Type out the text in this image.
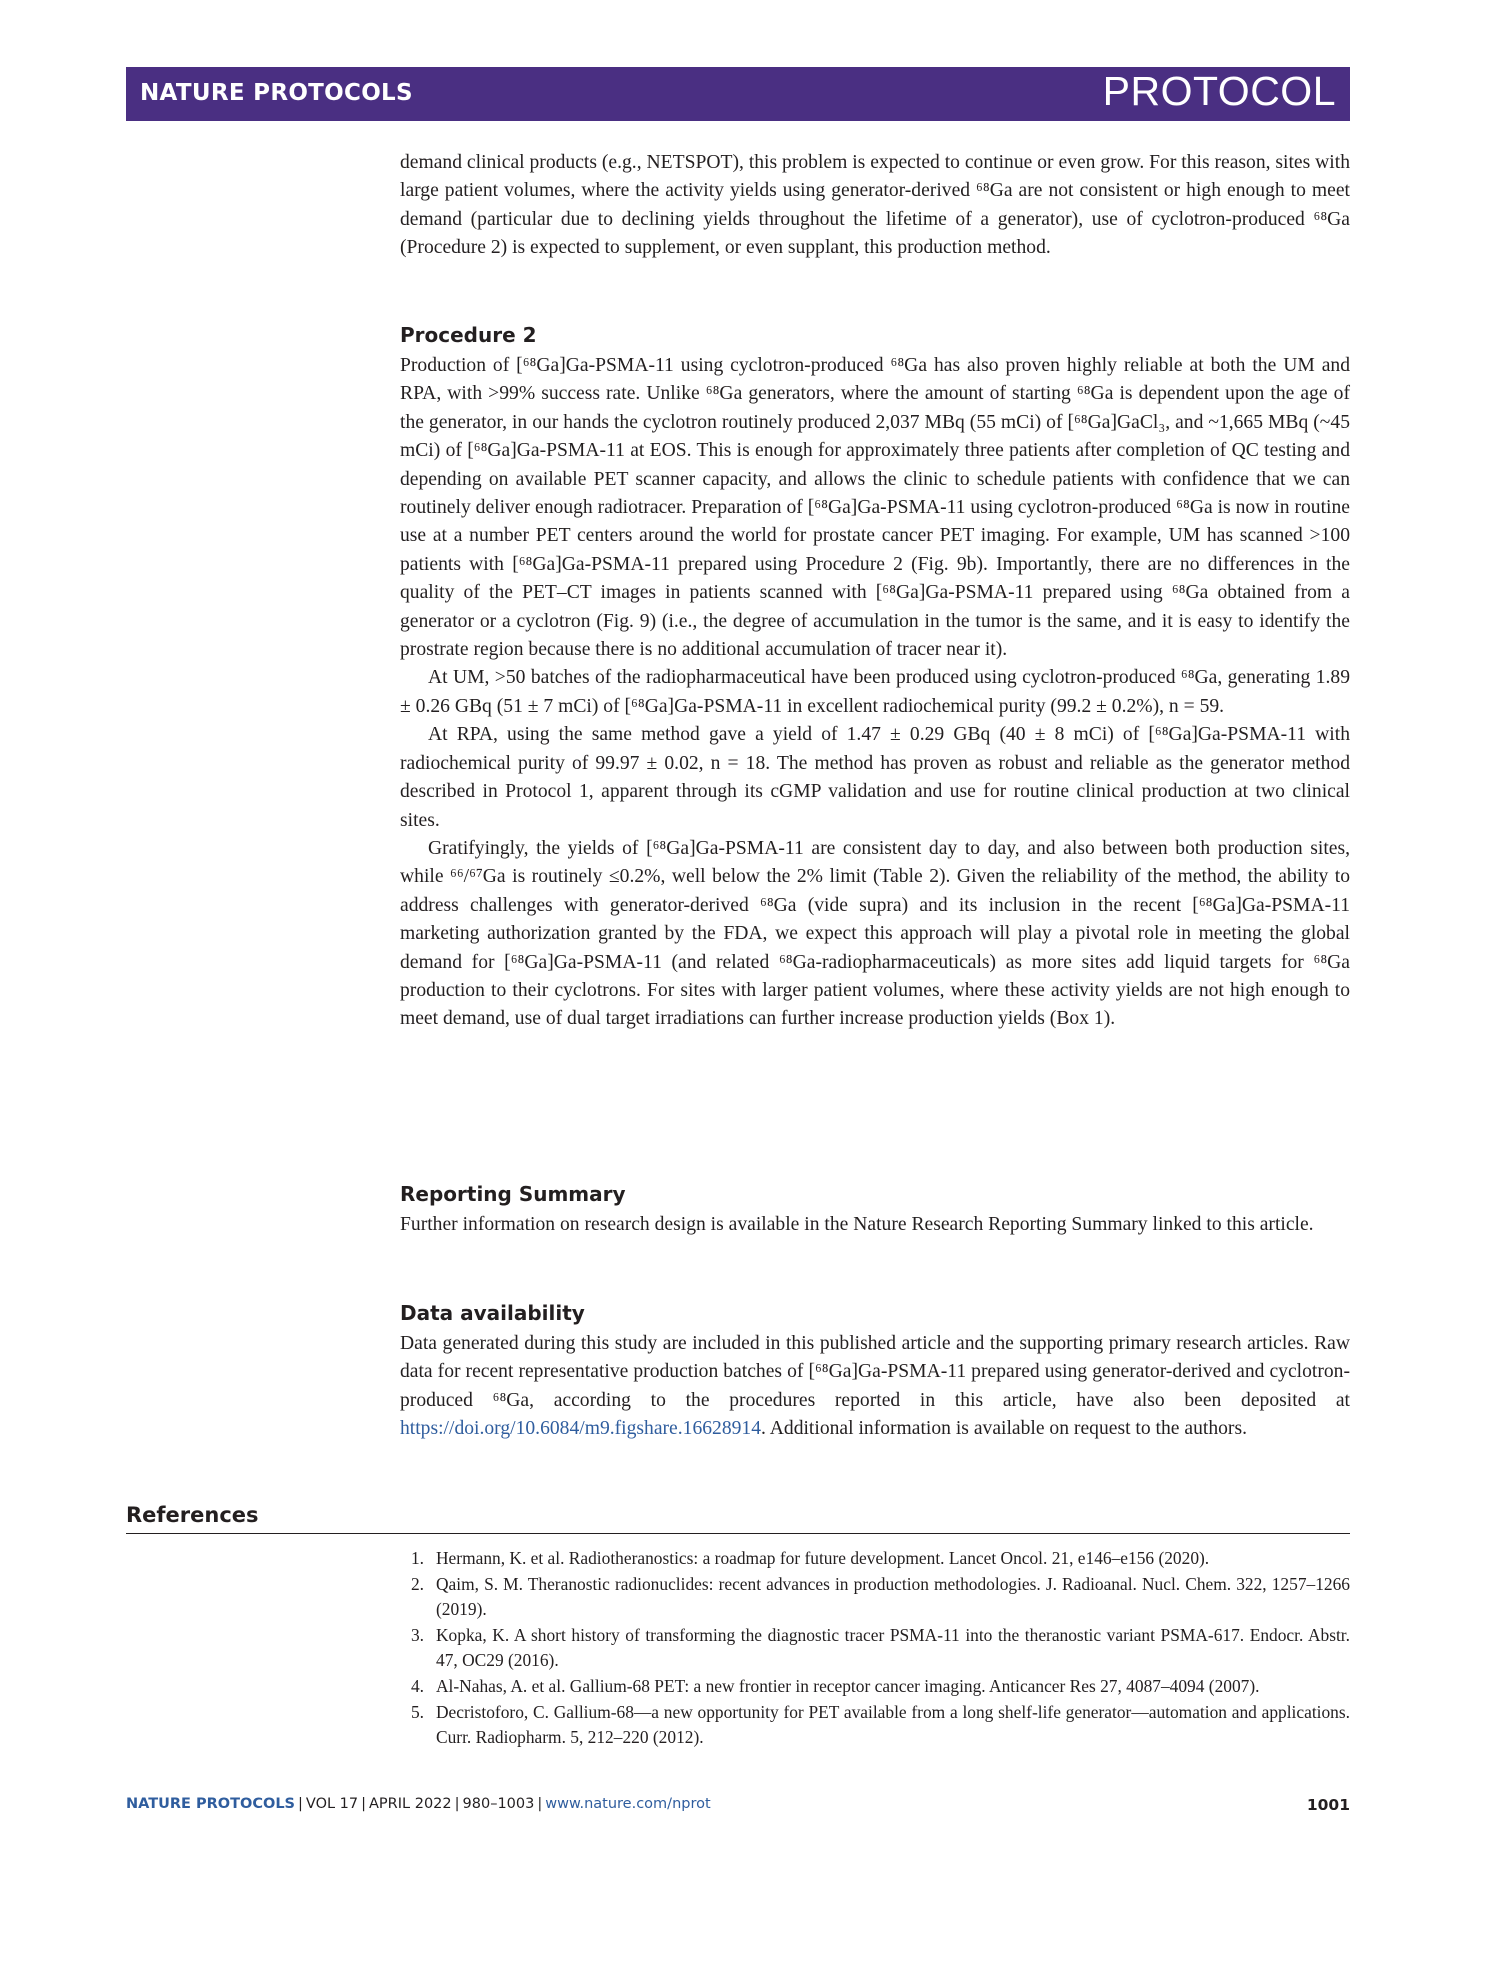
NATURE PROTOCOLS	PROTOCOL

demand clinical products (e.g., NETSPOT), this problem is expected to continue or even grow. For this reason, sites with large patient volumes, where the activity yields using generator-derived ⁶⁸Ga are not consistent or high enough to meet demand (particular due to declining yields throughout the lifetime of a generator), use of cyclotron-produced ⁶⁸Ga (Procedure 2) is expected to supplement, or even supplant, this production method.

Procedure 2

Production of [⁶⁸Ga]Ga-PSMA-11 using cyclotron-produced ⁶⁸Ga has also proven highly reliable at both the UM and RPA, with >99% success rate. Unlike ⁶⁸Ga generators, where the amount of starting ⁶⁸Ga is dependent upon the age of the generator, in our hands the cyclotron routinely produced 2,037 MBq (55 mCi) of [⁶⁸Ga]GaCl₃, and ~1,665 MBq (~45 mCi) of [⁶⁸Ga]Ga-PSMA-11 at EOS. This is enough for approximately three patients after completion of QC testing and depending on available PET scanner capacity, and allows the clinic to schedule patients with confidence that we can routinely deliver enough radiotracer. Preparation of [⁶⁸Ga]Ga-PSMA-11 using cyclotron-produced ⁶⁸Ga is now in routine use at a number PET centers around the world for prostate cancer PET imaging. For example, UM has scanned >100 patients with [⁶⁸Ga]Ga-PSMA-11 prepared using Procedure 2 (Fig. 9b). Importantly, there are no differences in the quality of the PET–CT images in patients scanned with [⁶⁸Ga]Ga-PSMA-11 prepared using ⁶⁸Ga obtained from a generator or a cyclotron (Fig. 9) (i.e., the degree of accumulation in the tumor is the same, and it is easy to identify the prostrate region because there is no additional accumulation of tracer near it).

At UM, >50 batches of the radiopharmaceutical have been produced using cyclotron-produced ⁶⁸Ga, generating 1.89 ± 0.26 GBq (51 ± 7 mCi) of [⁶⁸Ga]Ga-PSMA-11 in excellent radiochemical purity (99.2 ± 0.2%), n = 59.

At RPA, using the same method gave a yield of 1.47 ± 0.29 GBq (40 ± 8 mCi) of [⁶⁸Ga]Ga-PSMA-11 with radiochemical purity of 99.97 ± 0.02, n = 18. The method has proven as robust and reliable as the generator method described in Protocol 1, apparent through its cGMP validation and use for routine clinical production at two clinical sites.

Gratifyingly, the yields of [⁶⁸Ga]Ga-PSMA-11 are consistent day to day, and also between both production sites, while ⁶⁶/⁶⁷Ga is routinely ≤0.2%, well below the 2% limit (Table 2). Given the reliability of the method, the ability to address challenges with generator-derived ⁶⁸Ga (vide supra) and its inclusion in the recent [⁶⁸Ga]Ga-PSMA-11 marketing authorization granted by the FDA, we expect this approach will play a pivotal role in meeting the global demand for [⁶⁸Ga]Ga-PSMA-11 (and related ⁶⁸Ga-radiopharmaceuticals) as more sites add liquid targets for ⁶⁸Ga production to their cyclotrons. For sites with larger patient volumes, where these activity yields are not high enough to meet demand, use of dual target irradiations can further increase production yields (Box 1).

Reporting Summary

Further information on research design is available in the Nature Research Reporting Summary linked to this article.

Data availability

Data generated during this study are included in this published article and the supporting primary research articles. Raw data for recent representative production batches of [⁶⁸Ga]Ga-PSMA-11 prepared using generator-derived and cyclotron-produced ⁶⁸Ga, according to the procedures reported in this article, have also been deposited at https://doi.org/10.6084/m9.figshare.16628914. Additional information is available on request to the authors.

References
1. Hermann, K. et al. Radiotheranostics: a roadmap for future development. Lancet Oncol. 21, e146–e156 (2020).
2. Qaim, S. M. Theranostic radionuclides: recent advances in production methodologies. J. Radioanal. Nucl. Chem. 322, 1257–1266 (2019).
3. Kopka, K. A short history of transforming the diagnostic tracer PSMA-11 into the theranostic variant PSMA-617. Endocr. Abstr. 47, OC29 (2016).
4. Al-Nahas, A. et al. Gallium-68 PET: a new frontier in receptor cancer imaging. Anticancer Res 27, 4087–4094 (2007).
5. Decristoforo, C. Gallium-68—a new opportunity for PET available from a long shelf-life generator—automation and applications. Curr. Radiopharm. 5, 212–220 (2012).
NATURE PROTOCOLS | VOL 17 | APRIL 2022 | 980–1003 | www.nature.com/nprot	1001
